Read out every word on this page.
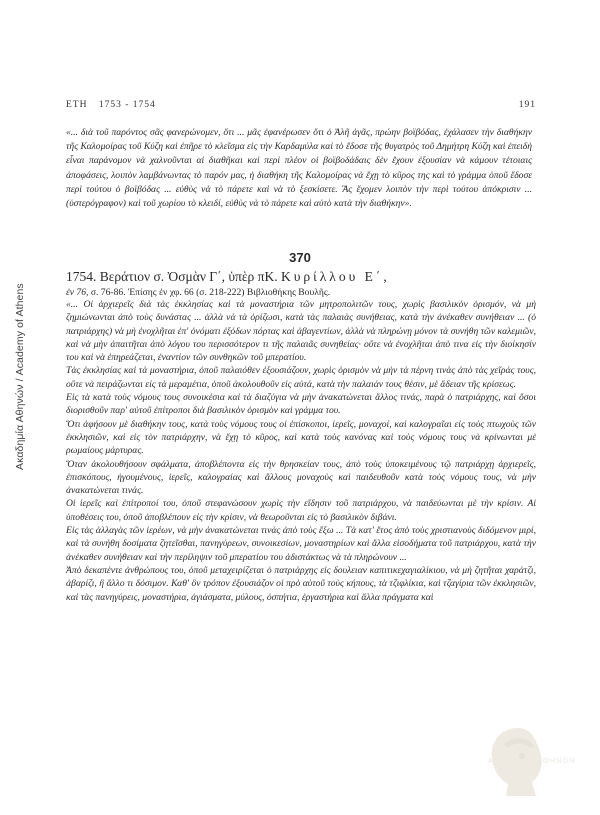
Ακαδημία Αθηνών / Academy of Athens
ΕΤΗ 1753 - 1754	191

«... διὰ τοῦ παρόντος σᾶς φανερώνομεν, ὅτι ... μᾶς ἐφανέρωσεν ὅτι ὁ Ἀλῆ ἀγᾶς, πρώην βοϊβόδας, ἐχάλασεν τὴν διαθήκην τῆς Καλομοίρας τοῦ Κύζη καὶ ἐπῆρε τὸ κλεῖσμα εἰς τὴν Καρδαμύλα καὶ τὸ ἔδοσε τῆς θυγατρὸς τοῦ Δημήτρη Κύζη καὶ ἐπειδὴ εἶναι παράνομον νὰ χαλνοῦνται αἱ διαθῆκαι καὶ περὶ πλέον οἱ βοϊβοδάδαις δὲν ἔχουν ἐξουσίαν νὰ κάμουν τέτοιαις ἀποφάσεις, λοιπὸν λαμβάνωντας τὸ παρόν μας, ἡ διαθήκη τῆς Καλομοίρας νὰ ἔχῃ τὸ κῦρος της καὶ τὸ γράμμα ὁποῦ ἔδοσε περὶ τούτου ὁ βοϊβόδας ... εὐθὺς νὰ τὸ πάρετε καὶ νὰ τὸ ξεσκίσετε. Ἂς ἔχομεν λοιπὸν τὴν περὶ τούτου ἀπόκρισιν ... (ὑστερόγραφον) καὶ τοῦ χωρίου τὸ κλειδί, εὐθὺς νὰ τὸ πάρετε καὶ αὐτὸ κατὰ τὴν διαθήκην».

370
1754. Βεράτιον σ. Ὀσμὰν Γ΄, ὑπὲρ πΚ. Κυρίλλου Ε΄,
ἐν 76, σ. 76-86. Ἐπίσης ἐν χφ. 66 (σ. 218-222) Βιβλιοθήκης Βουλῆς.

«... Οἱ ἀρχιερεῖς διὰ τὰς ἐκκλησίας καὶ τὰ μοναστήρια τῶν μητροπολιτῶν τους, χωρὶς βασιλικὸν ὁρισμόν, νὰ μὴ ζημιώνωνται ἀπὸ τοὺς δυνάστας ... ἀλλὰ νὰ τὰ ὁρίζωσι, κατὰ τὰς παλαιὰς συνήθειας, κατὰ τὴν ἀνέκαθεν συνήθειαν ... (ὁ πατριάρχης) νὰ μὴ ἐνοχλῆται ἐπ' ὀνόματι ἐξόδων πόρτας καὶ ἀβαγεντίων, ἀλλὰ νὰ πληρώνῃ μόνον τὰ συνήθη τῶν καλεμιῶν, καὶ νὰ μὴν ἀπαιτῆται ἀπὸ λόγου του περισσότερον τι τῆς παλαιᾶς συνηθείας· οὔτε νὰ ἐνοχλῆται ἀπὸ τινα εἰς τὴν διοίκησίν του καὶ νὰ ἐπηρεάζεται, ἐναντίον τῶν συνθηκῶν τοῦ μπερατίου.

Τὰς ἐκκλησίας καὶ τὰ μοναστήρια, ὁποῦ παλαιόθεν ἐξουσιάζουν, χωρὶς ὁρισμὸν νὰ μὴν τὰ πέρνη τινὰς ἀπὸ τὰς χεῖράς τους, οὔτε νὰ πειράζωνται εἰς τὰ μεραμέτια, ὁποῦ ἀκολουθοῦν εἰς αὐτά, κατὰ τὴν παλαιάν τους θέσιν, μὲ ἄδειαν τῆς κρίσεως.

Εἰς τὰ κατὰ τοὺς νόμους τους συνοικέσια καὶ τὰ διαζύγια νὰ μὴν ἀνακατώνεται ἄλλος τινάς, παρὰ ὁ πατριάρχης, καὶ ὅσοι διορισθοῦν παρ' αὐτοῦ ἐπίτροποι διὰ βασιλικὸν ὁρισμὸν καὶ γράμμα του.

Ὅτι ἀφήσουν μὲ διαθήκην τους, κατὰ τοὺς νόμους τους οἱ ἐπίσκοποι, ἱερεῖς, μοναχοί, καὶ καλογραῖαι εἰς τοὺς πτωχοὺς τῶν ἐκκλησιῶν, καὶ εἰς τὸν πατριάρχην, νὰ ἔχῃ τὸ κῦρος, καὶ κατὰ τοὺς κανόνας καὶ τοὺς νόμους τους νὰ κρίνωνται μὲ ρωμαίους μάρτυρας.

Ὅταν ἀκολουθήσουν σφάλματα, ἀποβλέποντα εἰς τὴν θρησκείαν τους, ἀπὸ τοὺς ὑποκειμένους τῷ πατριάρχῃ ἀρχιερεῖς, ἐπισκόπους, ἡγουμένους, ἱερεῖς, καλογραίας καὶ ἄλλους μοναχοὺς καὶ παιδευθοῦν κατὰ τοὺς νόμους τους, νὰ μὴν ἀνακατώνεται τινάς.

Οἱ ἱερεῖς καὶ ἐπίτροποί του, ὁποῦ στεφανώσουν χωρὶς τὴν εἴδησιν τοῦ πατριάρχου, νὰ παιδεύωνται μὲ τὴν κρίσιν. Αἱ ὑποθέσεις του, ὁποῦ ἀποβλέπουν εἰς τὴν κρίσιν, νὰ θεωροῦνται εἰς τὸ βασιλικὸν διβάνι.

Εἰς τὰς ἀλλαγὰς τῶν ἱερέων, νὰ μὴν ἀνακατώνεται τινὰς ἀπὸ τοὺς ἔξω ... Τὰ κατ' ἔτος ἀπὸ τοὺς χριστιανοὺς διδόμενον μιρί, καὶ τὰ συνήθη δοσίματα ζητεῖσθαι, πανηγύρεων, συνοικεσίων, μοναστηρίων καὶ ἄλλα εἰσοδήματα τοῦ πατριάρχου, κατὰ τὴν ἀνέκαθεν συνήθειαν καὶ τὴν περίληψιν τοῦ μπερατίου του ἀδιστάκτως νὰ τὰ πληρώνουν ...

Ἀπὸ δεκαπέντε ἀνθρώπους του, ὁποῦ μεταχειρίζεται ὁ πατριάρχης εἰς δουλειαν καπιτικεχαγιαλίκιου, νὰ μὴ ζητῆται χαράτζι, ἀβαρίζι, ἢ ἄλλο τι δόσιμον. Καθ' ὃν τρόπον ἐξουσιάζον οἱ πρὸ αὐτοῦ τοὺς κήπους, τὰ τζιφλίκια, καὶ τζαγίρια τῶν ἐκκλησιῶν, καὶ τὰς πανηγύρεις, μοναστήρια, ἁγιάσματα, μύλους, ὀσπήτια, ἐργαστήρια καὶ ἄλλα πράγματα καὶ

ΑΚΑΔΗΜΙΑ ΑΘΗΝΩΝ
